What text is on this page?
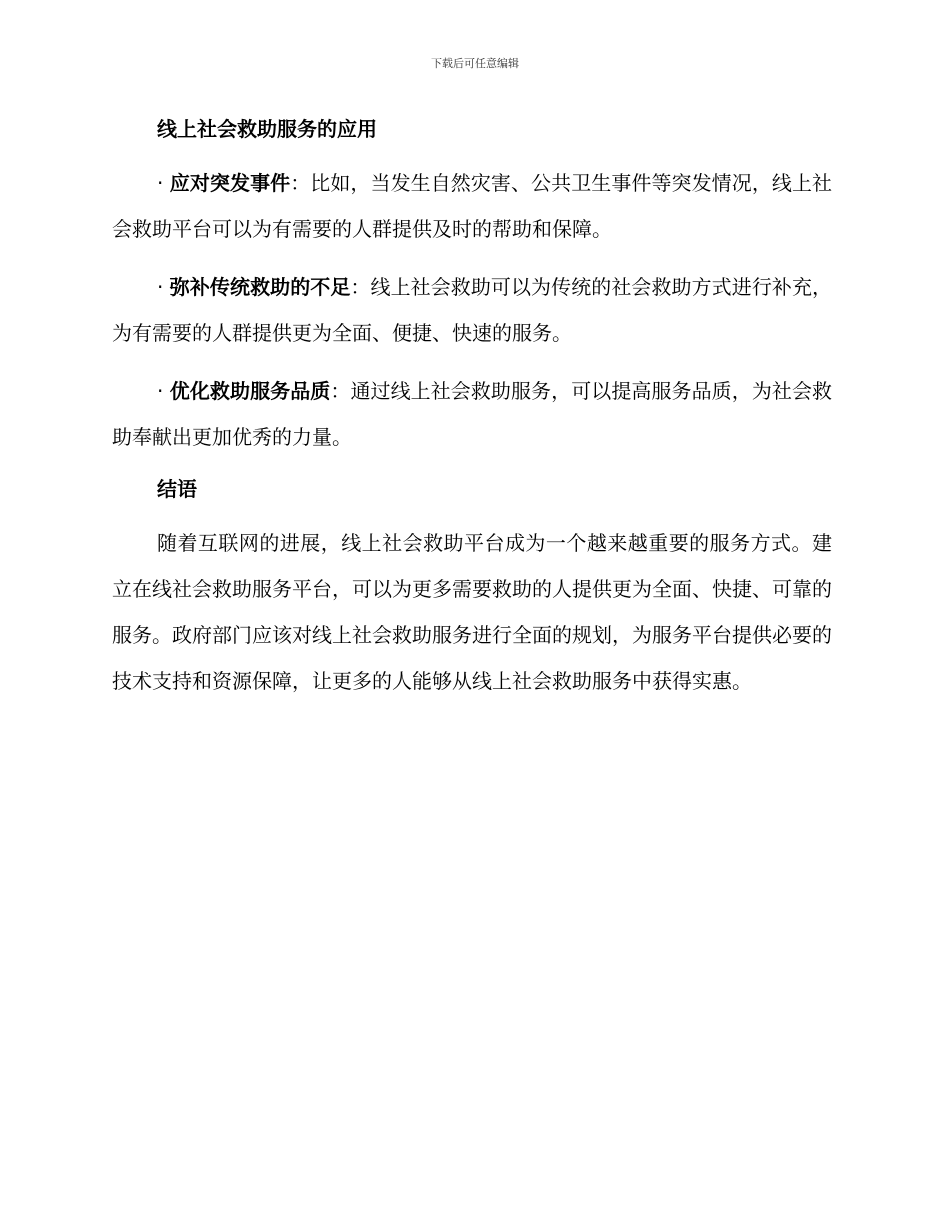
下载后可任意编辑
线上社会救助服务的应用

· 应对突发事件：比如，当发生自然灾害、公共卫生事件等突发情况，线上社会救助平台可以为有需要的人群提供及时的帮助和保障。

· 弥补传统救助的不足：线上社会救助可以为传统的社会救助方式进行补充，为有需要的人群提供更为全面、便捷、快速的服务。

· 优化救助服务品质：通过线上社会救助服务，可以提高服务品质，为社会救助奉献出更加优秀的力量。

结语

随着互联网的进展，线上社会救助平台成为一个越来越重要的服务方式。建立在线社会救助服务平台，可以为更多需要救助的人提供更为全面、快捷、可靠的服务。政府部门应该对线上社会救助服务进行全面的规划，为服务平台提供必要的技术支持和资源保障，让更多的人能够从线上社会救助服务中获得实惠。
